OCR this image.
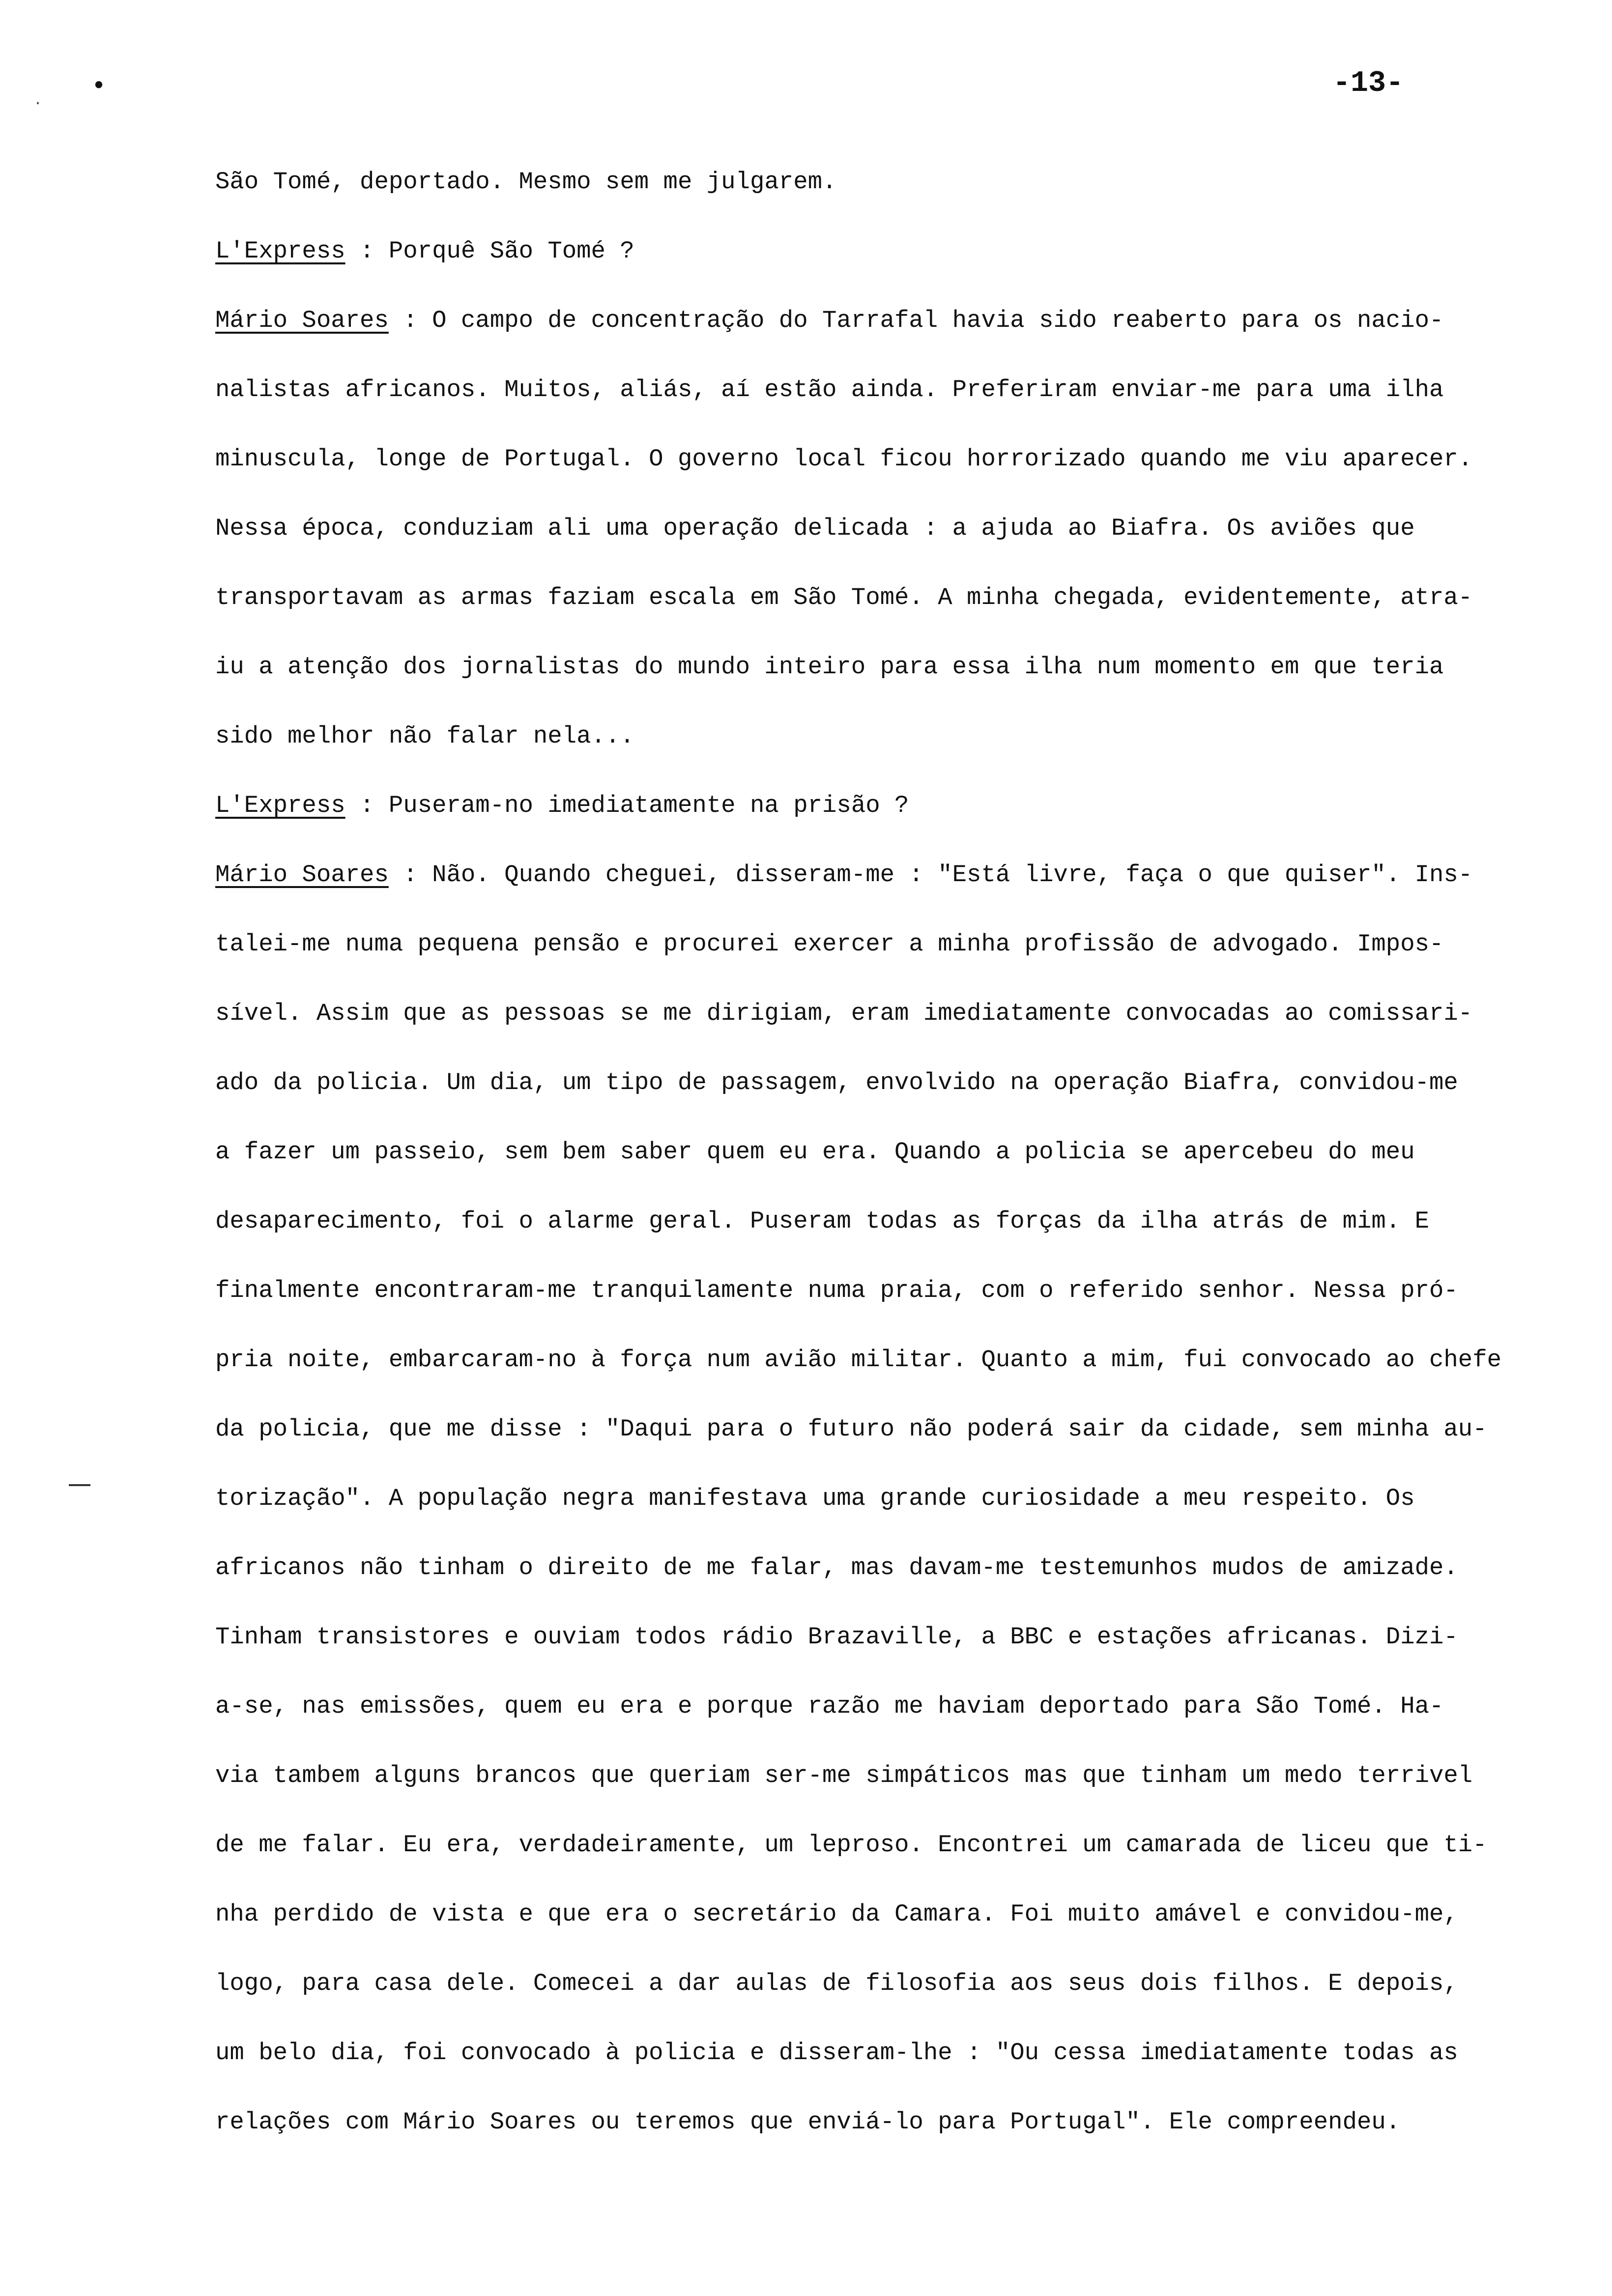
•
·
-13-
São Tomé, deportado. Mesmo sem me julgarem.
L'Express : Porquê São Tomé ?
Mário Soares : O campo de concentração do Tarrafal havia sido reaberto para os nacio-
nalistas africanos. Muitos, aliás, aí estão ainda. Preferiram enviar-me para uma ilha
minuscula, longe de Portugal. O governo local ficou horrorizado quando me viu aparecer.
Nessa época, conduziam ali uma operação delicada : a ajuda ao Biafra. Os aviões que
transportavam as armas faziam escala em São Tomé. A minha chegada, evidentemente, atra-
iu a atenção dos jornalistas do mundo inteiro para essa ilha num momento em que teria
sido melhor não falar nela...
L'Express : Puseram-no imediatamente na prisão ?
Mário Soares : Não. Quando cheguei, disseram-me : "Está livre, faça o que quiser". Ins-
talei-me numa pequena pensão e procurei exercer a minha profissão de advogado. Impos-
sível. Assim que as pessoas se me dirigiam, eram imediatamente convocadas ao comissari-
ado da policia. Um dia, um tipo de passagem, envolvido na operação Biafra, convidou-me
a fazer um passeio, sem bem saber quem eu era. Quando a policia se apercebeu do meu
desaparecimento, foi o alarme geral. Puseram todas as forças da ilha atrás de mim. E
finalmente encontraram-me tranquilamente numa praia, com o referido senhor. Nessa pró-
pria noite, embarcaram-no à força num avião militar. Quanto a mim, fui convocado ao chefe
da policia, que me disse : "Daqui para o futuro não poderá sair da cidade, sem minha au-
torização". A população negra manifestava uma grande curiosidade a meu respeito. Os
africanos não tinham o direito de me falar, mas davam-me testemunhos mudos de amizade.
Tinham transistores e ouviam todos rádio Brazaville, a BBC e estações africanas. Dizi-
a-se, nas emissões, quem eu era e porque razão me haviam deportado para São Tomé. Ha-
via tambem alguns brancos que queriam ser-me simpáticos mas que tinham um medo terrivel
de me falar. Eu era, verdadeiramente, um leproso. Encontrei um camarada de liceu que ti-
nha perdido de vista e que era o secretário da Camara. Foi muito amável e convidou-me,
logo, para casa dele. Comecei a dar aulas de filosofia aos seus dois filhos. E depois,
um belo dia, foi convocado à policia e disseram-lhe : "Ou cessa imediatamente todas as
relações com Mário Soares ou teremos que enviá-lo para Portugal". Ele compreendeu.
